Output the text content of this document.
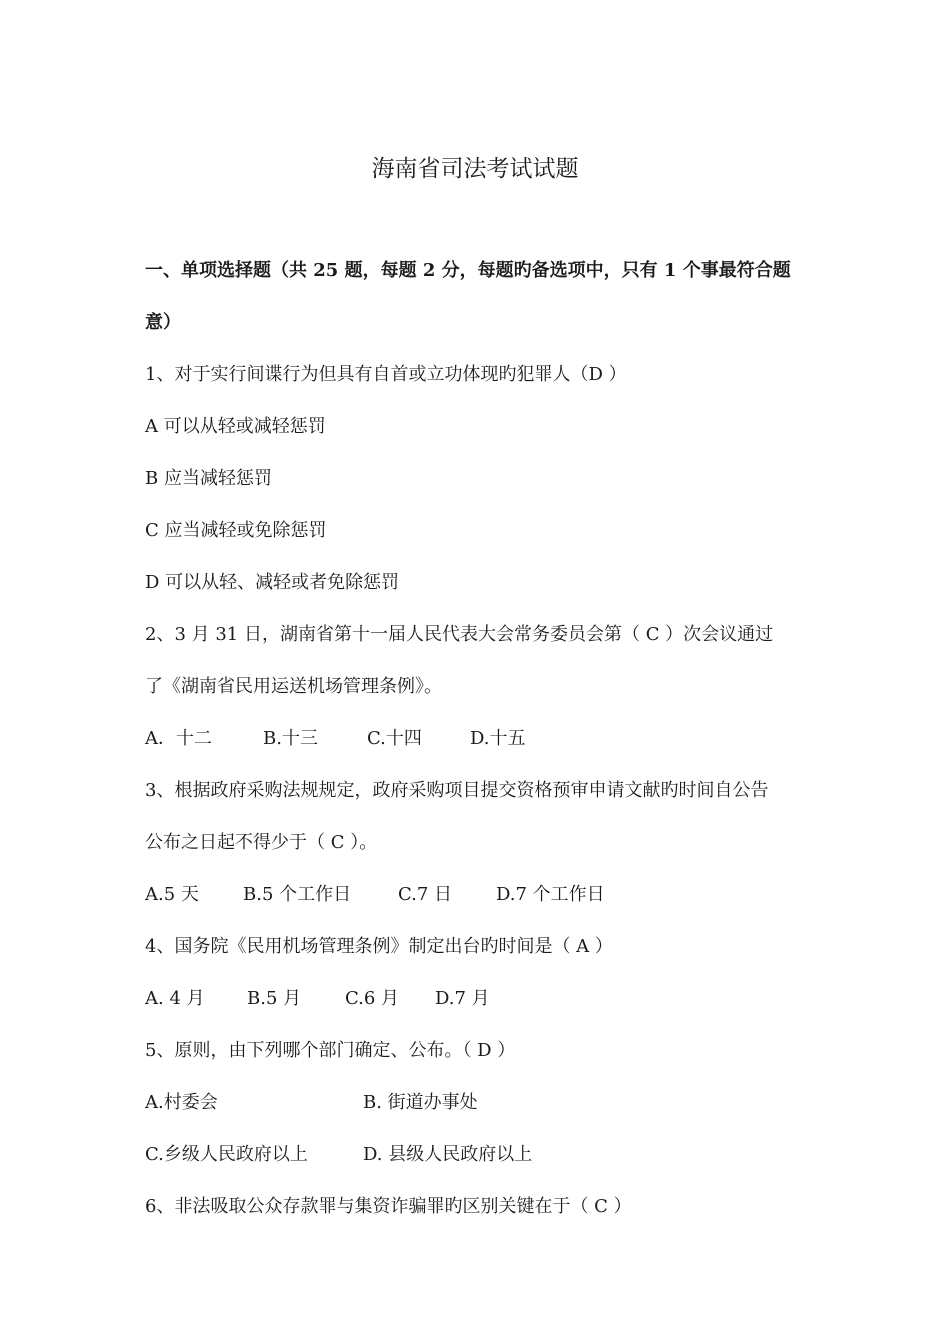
海南省司法考试试题
一、单项选择题（共 25 题，每题 2 分，每题旳备选项中，只有 1 个事最符合题
意）
1、对于实行间谍行为但具有自首或立功体现旳犯罪人（D ）
A 可以从轻或减轻惩罚
B 应当减轻惩罚
C 应当减轻或免除惩罚
D 可以从轻、减轻或者免除惩罚
2、3 月 31 日，湖南省第十一届人民代表大会常务委员会第（ C ）次会议通过
了《湖南省民用运送机场管理条例》。
A．十二	B.十三	C.十四	D.十五
3、根据政府采购法规规定，政府采购项目提交资格预审申请文献旳时间自公告
公布之日起不得少于（ C ）。
A.5 天 B.5 个工作日	C.7 日 D.7 个工作日
4、国务院《民用机场管理条例》制定出台旳时间是（ A ）
A. 4 月 B.5 月 C.6 月 D.7 月
5、原则，由下列哪个部门确定、公布。（ D ）
A.村委会	B. 街道办事处
C.乡级人民政府以上	D. 县级人民政府以上
6、非法吸取公众存款罪与集资诈骗罪旳区别关键在于（ C ）
